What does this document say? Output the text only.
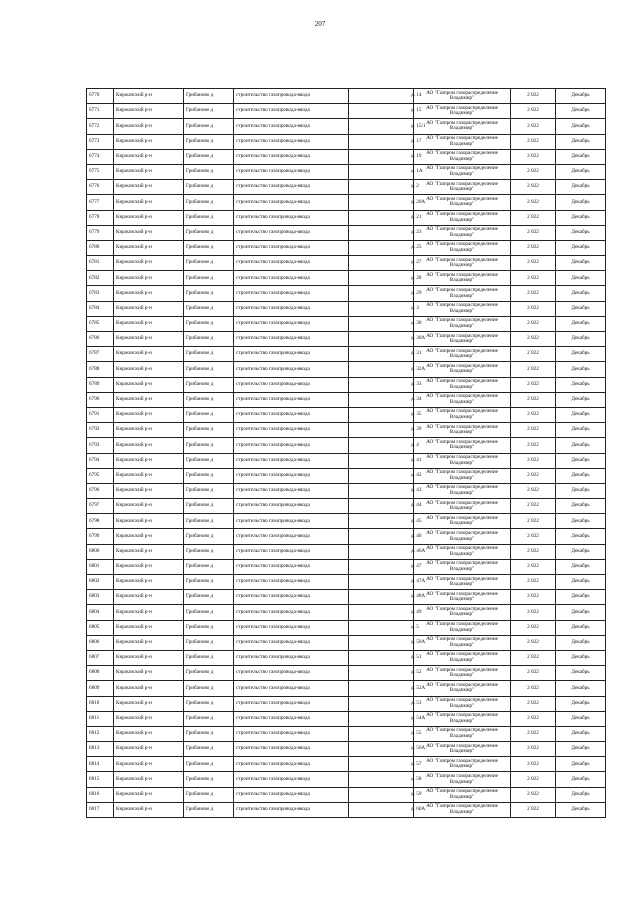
207
6770	Киржачский р-н	Грибаново д	строительство газопровода-ввода	д. 14	АО "Газпром газораспределение Владимир"	2 022	Декабрь
6771	Киржачский р-н	Грибаново д	строительство газопровода-ввода	д. 15	АО "Газпром газораспределение Владимир"	2 022	Декабрь
6772	Киржачский р-н	Грибаново д	строительство газопровода-ввода	д. 15/1	АО "Газпром газораспределение Владимир"	2 022	Декабрь
6773	Киржачский р-н	Грибаново д	строительство газопровода-ввода	д. 17	АО "Газпром газораспределение Владимир"	2 022	Декабрь
6774	Киржачский р-н	Грибаново д	строительство газопровода-ввода	д. 19	АО "Газпром газораспределение Владимир"	2 022	Декабрь
6775	Киржачский р-н	Грибаново д	строительство газопровода-ввода	д. 1А	АО "Газпром газораспределение Владимир"	2 022	Декабрь
6776	Киржачский р-н	Грибаново д	строительство газопровода-ввода	д. 2	АО "Газпром газораспределение Владимир"	2 022	Декабрь
6777	Киржачский р-н	Грибаново д	строительство газопровода-ввода	д. 20А	АО "Газпром газораспределение Владимир"	2 022	Декабрь
6778	Киржачский р-н	Грибаново д	строительство газопровода-ввода	д. 21	АО "Газпром газораспределение Владимир"	2 022	Декабрь
6779	Киржачский р-н	Грибаново д	строительство газопровода-ввода	д. 23	АО "Газпром газораспределение Владимир"	2 022	Декабрь
6780	Киржачский р-н	Грибаново д	строительство газопровода-ввода	д. 25	АО "Газпром газораспределение Владимир"	2 022	Декабрь
6781	Киржачский р-н	Грибаново д	строительство газопровода-ввода	д. 27	АО "Газпром газораспределение Владимир"	2 022	Декабрь
6782	Киржачский р-н	Грибаново д	строительство газопровода-ввода	д. 28	АО "Газпром газораспределение Владимир"	2 022	Декабрь
6783	Киржачский р-н	Грибаново д	строительство газопровода-ввода	д. 29	АО "Газпром газораспределение Владимир"	2 022	Декабрь
6784	Киржачский р-н	Грибаново д	строительство газопровода-ввода	д. 3	АО "Газпром газораспределение Владимир"	2 022	Декабрь
6785	Киржачский р-н	Грибаново д	строительство газопровода-ввода	д. 30	АО "Газпром газораспределение Владимир"	2 022	Декабрь
6786	Киржачский р-н	Грибаново д	строительство газопровода-ввода	д. 30А	АО "Газпром газораспределение Владимир"	2 022	Декабрь
6787	Киржачский р-н	Грибаново д	строительство газопровода-ввода	д. 31	АО "Газпром газораспределение Владимир"	2 022	Декабрь
6788	Киржачский р-н	Грибаново д	строительство газопровода-ввода	д. 32А	АО "Газпром газораспределение Владимир"	2 022	Декабрь
6789	Киржачский р-н	Грибаново д	строительство газопровода-ввода	д. 33	АО "Газпром газораспределение Владимир"	2 022	Декабрь
6790	Киржачский р-н	Грибаново д	строительство газопровода-ввода	д. 34	АО "Газпром газораспределение Владимир"	2 022	Декабрь
6791	Киржачский р-н	Грибаново д	строительство газопровода-ввода	д. 35	АО "Газпром газораспределение Владимир"	2 022	Декабрь
6792	Киржачский р-н	Грибаново д	строительство газопровода-ввода	д. 39	АО "Газпром газораспределение Владимир"	2 022	Декабрь
6793	Киржачский р-н	Грибаново д	строительство газопровода-ввода	д. 4	АО "Газпром газораспределение Владимир"	2 022	Декабрь
6794	Киржачский р-н	Грибаново д	строительство газопровода-ввода	д. 41	АО "Газпром газораспределение Владимир"	2 022	Декабрь
6795	Киржачский р-н	Грибаново д	строительство газопровода-ввода	д. 42	АО "Газпром газораспределение Владимир"	2 022	Декабрь
6796	Киржачский р-н	Грибаново д	строительство газопровода-ввода	д. 43	АО "Газпром газораспределение Владимир"	2 022	Декабрь
6797	Киржачский р-н	Грибаново д	строительство газопровода-ввода	д. 44	АО "Газпром газораспределение Владимир"	2 022	Декабрь
6798	Киржачский р-н	Грибаново д	строительство газопровода-ввода	д. 45	АО "Газпром газораспределение Владимир"	2 022	Декабрь
6799	Киржачский р-н	Грибаново д	строительство газопровода-ввода	д. 46	АО "Газпром газораспределение Владимир"	2 022	Декабрь
6800	Киржачский р-н	Грибаново д	строительство газопровода-ввода	д. 46А	АО "Газпром газораспределение Владимир"	2 022	Декабрь
6801	Киржачский р-н	Грибаново д	строительство газопровода-ввода	д. 47	АО "Газпром газораспределение Владимир"	2 022	Декабрь
6802	Киржачский р-н	Грибаново д	строительство газопровода-ввода	д. 47А	АО "Газпром газораспределение Владимир"	2 022	Декабрь
6803	Киржачский р-н	Грибаново д	строительство газопровода-ввода	д. 48А	АО "Газпром газораспределение Владимир"	2 022	Декабрь
6804	Киржачский р-н	Грибаново д	строительство газопровода-ввода	д. 49	АО "Газпром газораспределение Владимир"	2 022	Декабрь
6805	Киржачский р-н	Грибаново д	строительство газопровода-ввода	д. 5	АО "Газпром газораспределение Владимир"	2 022	Декабрь
6806	Киржачский р-н	Грибаново д	строительство газопровода-ввода	д. 50А	АО "Газпром газораспределение Владимир"	2 022	Декабрь
6807	Киржачский р-н	Грибаново д	строительство газопровода-ввода	д. 51	АО "Газпром газораспределение Владимир"	2 022	Декабрь
6808	Киржачский р-н	Грибаново д	строительство газопровода-ввода	д. 52	АО "Газпром газораспределение Владимир"	2 022	Декабрь
6809	Киржачский р-н	Грибаново д	строительство газопровода-ввода	д. 52А	АО "Газпром газораспределение Владимир"	2 022	Декабрь
6810	Киржачский р-н	Грибаново д	строительство газопровода-ввода	д. 53	АО "Газпром газораспределение Владимир"	2 022	Декабрь
6811	Киржачский р-н	Грибаново д	строительство газопровода-ввода	д. 54А	АО "Газпром газораспределение Владимир"	2 022	Декабрь
6812	Киржачский р-н	Грибаново д	строительство газопровода-ввода	д. 55	АО "Газпром газораспределение Владимир"	2 022	Декабрь
6813	Киржачский р-н	Грибаново д	строительство газопровода-ввода	д. 56А	АО "Газпром газораспределение Владимир"	2 022	Декабрь
6814	Киржачский р-н	Грибаново д	строительство газопровода-ввода	д. 57	АО "Газпром газораспределение Владимир"	2 022	Декабрь
6815	Киржачский р-н	Грибаново д	строительство газопровода-ввода	д. 58	АО "Газпром газораспределение Владимир"	2 022	Декабрь
6816	Киржачский р-н	Грибаново д	строительство газопровода-ввода	д. 59	АО "Газпром газораспределение Владимир"	2 022	Декабрь
6817	Киржачский р-н	Грибаново д	строительство газопровода-ввода	д. 60А	АО "Газпром газораспределение Владимир"	2 022	Декабрь
